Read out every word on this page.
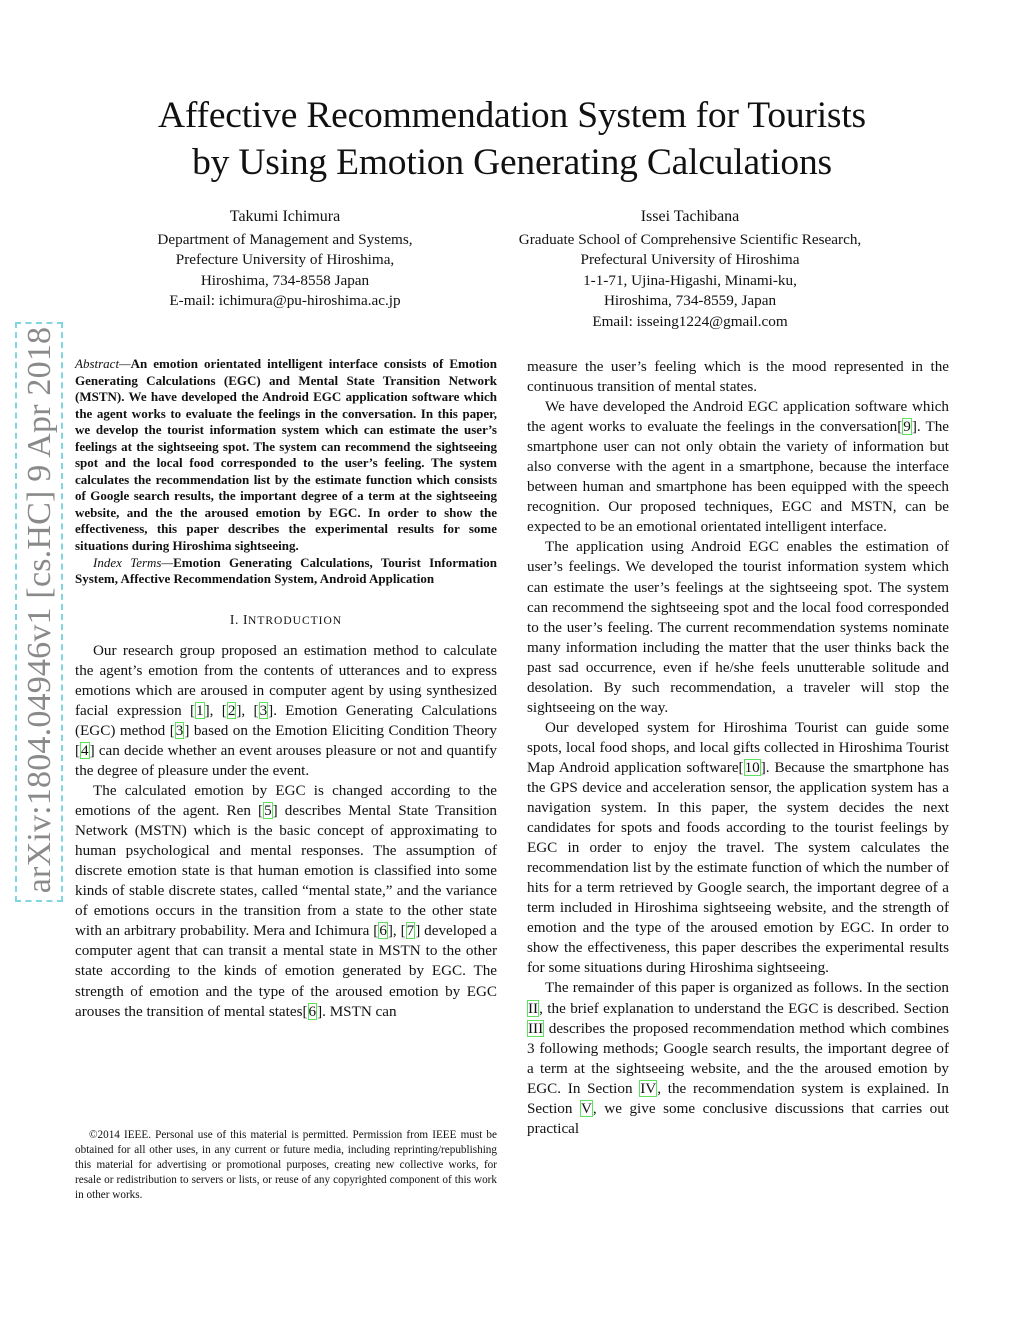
Affective Recommendation System for Tourists
by Using Emotion Generating Calculations
Takumi Ichimura
Department of Management and Systems,
Prefecture University of Hiroshima,
Hiroshima, 734-8558 Japan
E-mail: ichimura@pu-hiroshima.ac.jp
Issei Tachibana
Graduate School of Comprehensive Scientific Research,
Prefectural University of Hiroshima
1-1-71, Ujina-Higashi, Minami-ku,
Hiroshima, 734-8559, Japan
Email: isseing1224@gmail.com
arXiv:1804.04946v1 [cs.HC] 9 Apr 2018 Abstract—An emotion orientated intelligent interface consists of Emotion Generating Calculations (EGC) and Mental State Transition Network (MSTN). We have developed the Android EGC application software which the agent works to evaluate the feelings in the conversation. In this paper, we develop the tourist information system which can estimate the user’s feelings at the sightseeing spot. The system can recommend the sightseeing spot and the local food corresponded to the user’s feeling. The system calculates the recommendation list by the estimate function which consists of Google search results, the important degree of a term at the sightseeing website, and the the aroused emotion by EGC. In order to show the effectiveness, this paper describes the experimental results for some situations during Hiroshima sightseeing.

Index Terms—Emotion Generating Calculations, Tourist Information System, Affective Recommendation System, Android Application

I. INTRODUCTION

Our research group proposed an estimation method to calculate the agent’s emotion from the contents of utterances and to express emotions which are aroused in computer agent by using synthesized facial expression [1], [2], [3]. Emotion Generating Calculations (EGC) method [3] based on the Emotion Eliciting Condition Theory [4] can decide whether an event arouses pleasure or not and quantify the degree of pleasure under the event.

The calculated emotion by EGC is changed according to the emotions of the agent. Ren [5] describes Mental State Transition Network (MSTN) which is the basic concept of approximating to human psychological and mental responses. The assumption of discrete emotion state is that human emotion is classified into some kinds of stable discrete states, called “mental state,” and the variance of emotions occurs in the transition from a state to the other state with an arbitrary probability. Mera and Ichimura [6], [7] developed a computer agent that can transit a mental state in MSTN to the other state according to the kinds of emotion generated by EGC. The strength of emotion and the type of the aroused emotion by EGC arouses the transition of mental states[6]. MSTN can

©2014 IEEE. Personal use of this material is permitted. Permission from IEEE must be obtained for all other uses, in any current or future media, including reprinting/republishing this material for advertising or promotional purposes, creating new collective works, for resale or redistribution to servers or lists, or reuse of any copyrighted component of this work in other works.

measure the user’s feeling which is the mood represented in the continuous transition of mental states.

We have developed the Android EGC application software which the agent works to evaluate the feelings in the conversation[9]. The smartphone user can not only obtain the variety of information but also converse with the agent in a smartphone, because the interface between human and smartphone has been equipped with the speech recognition. Our proposed techniques, EGC and MSTN, can be expected to be an emotional orientated intelligent interface.

The application using Android EGC enables the estimation of user’s feelings. We developed the tourist information system which can estimate the user’s feelings at the sightseeing spot. The system can recommend the sightseeing spot and the local food corresponded to the user’s feeling. The current recommendation systems nominate many information including the matter that the user thinks back the past sad occurrence, even if he/she feels unutterable solitude and desolation. By such recommendation, a traveler will stop the sightseeing on the way.

Our developed system for Hiroshima Tourist can guide some spots, local food shops, and local gifts collected in Hiroshima Tourist Map Android application software[10]. Because the smartphone has the GPS device and acceleration sensor, the application system has a navigation system. In this paper, the system decides the next candidates for spots and foods according to the tourist feelings by EGC in order to enjoy the travel. The system calculates the recommendation list by the estimate function of which the number of hits for a term retrieved by Google search, the important degree of a term included in Hiroshima sightseeing website, and the strength of emotion and the type of the aroused emotion by EGC. In order to show the effectiveness, this paper describes the experimental results for some situations during Hiroshima sightseeing.

The remainder of this paper is organized as follows. In the section II, the brief explanation to understand the EGC is described. Section III describes the proposed recommendation method which combines 3 following methods; Google search results, the important degree of a term at the sightseeing website, and the the aroused emotion by EGC. In Section IV, the recommendation system is explained. In Section V, we give some conclusive discussions that carries out practical
